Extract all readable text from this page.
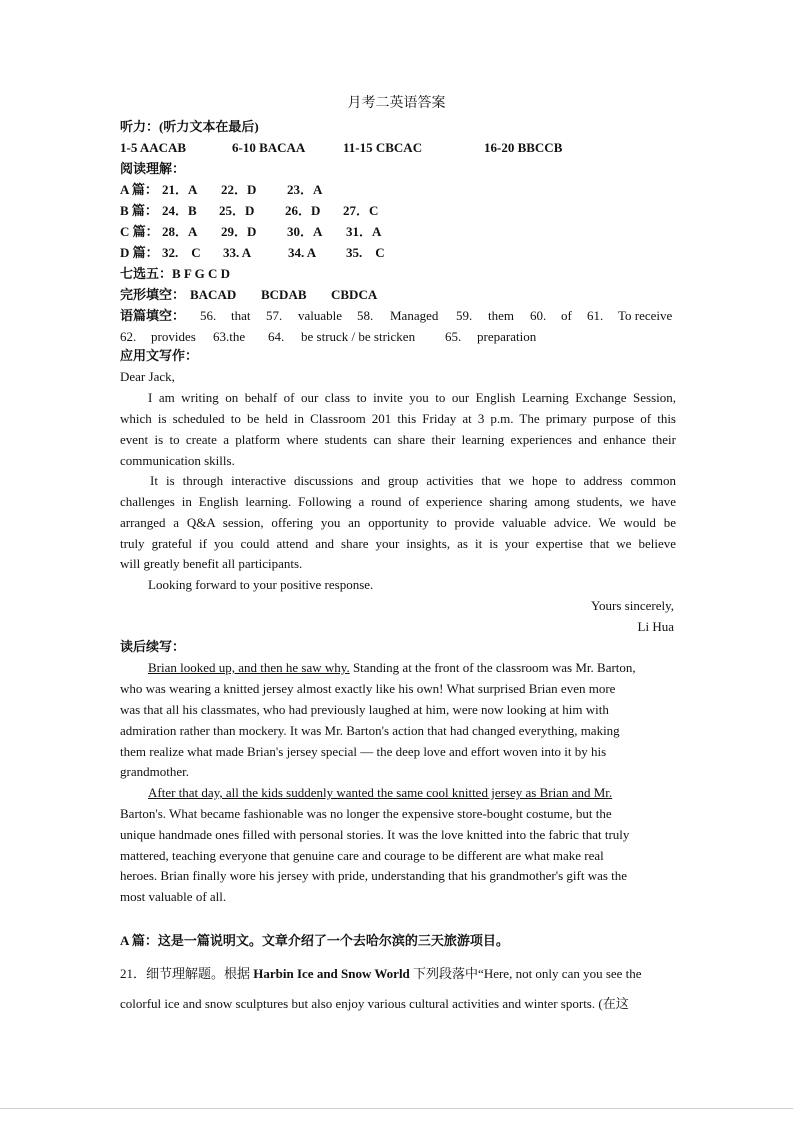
月考二英语答案
听力：(听力文本在最后)
1-5 AACAB	6-10 BACAA	11-15 CBCAC	16-20 BBCCB
阅读理解：
A 篇： 21．A 22．D 23．A
B 篇： 24．B 25．D 26．D 27．C
C 篇： 28．A 29．D 30．A 31．A
D 篇： 32.　C 33. A	34. A 35.　C
七选五：B F G C D
完形填空： BACAD BCDAB CBDCA
语篇填空： 56. that 57. valuable 58. Managed 59. them 60. of 61. To receive
62. provides 63.the 64. be struck / be stricken 65. preparation
应用文写作：
Dear Jack,
I am writing on behalf of our class to invite you to our English Learning Exchange Session,
which is scheduled to be held in Classroom 201 this Friday at 3 p.m. The primary purpose of this
event is to create a platform where students can share their learning experiences and enhance their
communication skills.
It is through interactive discussions and group activities that we hope to address common
challenges in English learning. Following a round of experience sharing among students, we have
arranged a Q&A session, offering you an opportunity to provide valuable advice. We would be
truly grateful if you could attend and share your insights, as it is your expertise that we believe
will greatly benefit all participants.
Looking forward to your positive response.
Yours sincerely,
Li Hua
读后续写：
Brian looked up, and then he saw why. Standing at the front of the classroom was Mr. Barton,
who was wearing a knitted jersey almost exactly like his own! What surprised Brian even more
was that all his classmates, who had previously laughed at him, were now looking at him with
admiration rather than mockery. It was Mr. Barton's action that had changed everything, making
them realize what made Brian's jersey special — the deep love and effort woven into it by his
grandmother.
After that day, all the kids suddenly wanted the same cool knitted jersey as Brian and Mr.
Barton's. What became fashionable was no longer the expensive store-bought costume, but the
unique handmade ones filled with personal stories. It was the love knitted into the fabric that truly
mattered, teaching everyone that genuine care and courage to be different are what make real
heroes. Brian finally wore his jersey with pride, understanding that his grandmother's gift was the
most valuable of all.
A 篇：这是一篇说明文。文章介绍了一个去哈尔滨的三天旅游项目。
21．细节理解题。根据 Harbin Ice and Snow World 下列段落中“Here, not only can you see the
colorful ice and snow sculptures but also enjoy various cultural activities and winter sports. (在这
